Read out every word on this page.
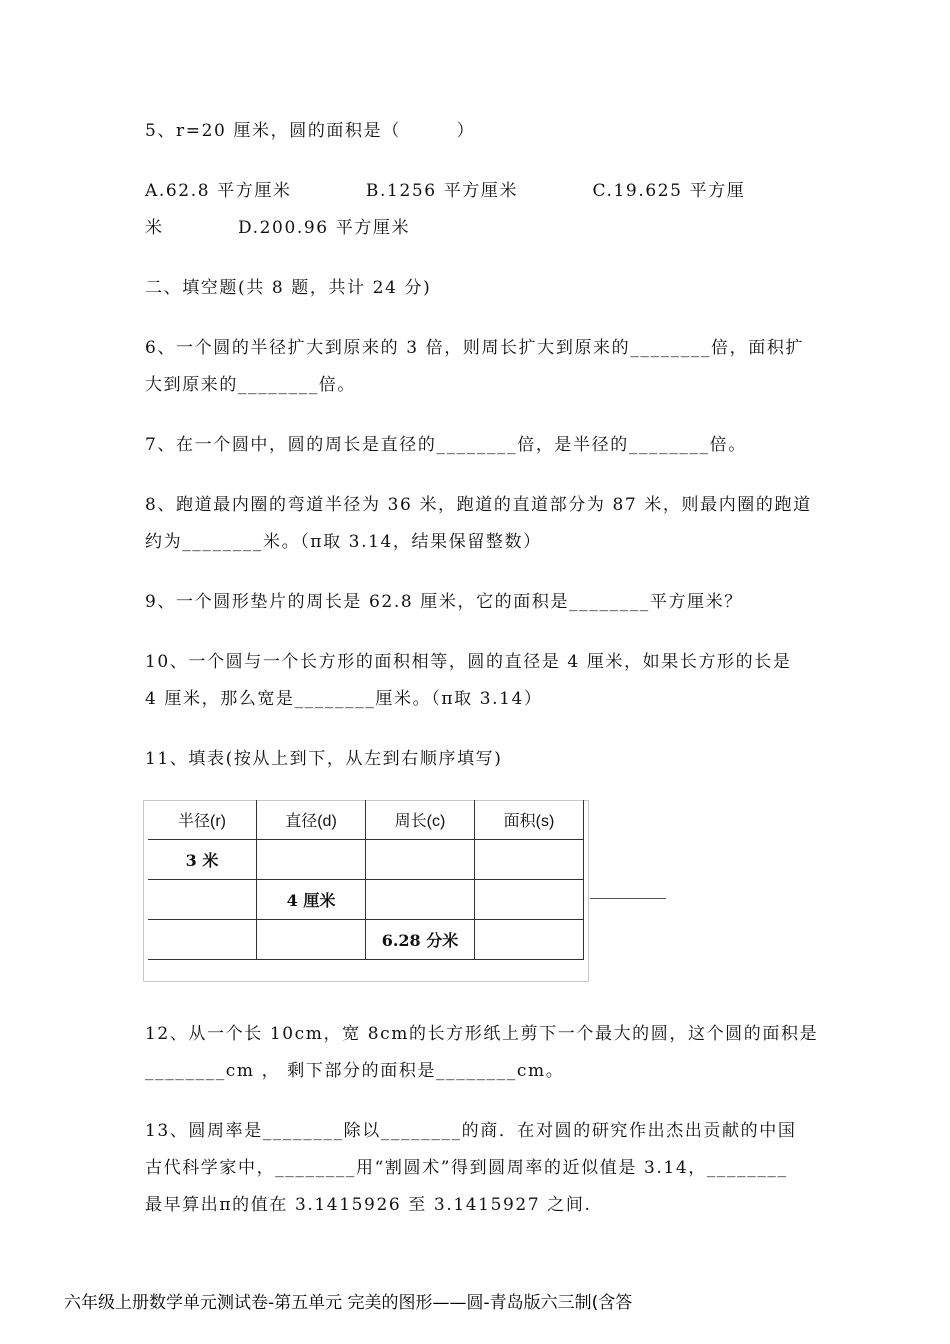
5、r=20 厘米，圆的面积是（　　　）
A.62.8 平方厘米　　　　B.1256 平方厘米　　　　C.19.625 平方厘
米　　　　D.200.96 平方厘米
二、填空题(共 8 题，共计 24 分)
6、一个圆的半径扩大到原来的 3 倍，则周长扩大到原来的________倍，面积扩
大到原来的________倍。
7、在一个圆中，圆的周长是直径的________倍，是半径的________倍。
8、跑道最内圈的弯道半径为 36 米，跑道的直道部分为 87 米，则最内圈的跑道
约为________米。（π取 3.14，结果保留整数）
9、一个圆形垫片的周长是 62.8 厘米，它的面积是________平方厘米？
10、一个圆与一个长方形的面积相等，圆的直径是 4 厘米，如果长方形的长是
4 厘米，那么宽是________厘米。（π取 3.14）
11、填表(按从上到下，从左到右顺序填写)
半径(r)	直径(d)	周长(c)	面积(s)
3 米			
	4 厘米		
		6.28 分米	
12、从一个长 10cm，宽 8cm的长方形纸上剪下一个最大的圆，这个圆的面积是
________cm ， 剩下部分的面积是________cm。
13、圆周率是________除以________的商．在对圆的研究作出杰出贡献的中国
古代科学家中，________用“割圆术”得到圆周率的近似值是 3.14，________
最早算出π的值在 3.1415926 至 3.1415927 之间.
六年级上册数学单元测试卷-第五单元 完美的图形——圆-青岛版六三制(含答
